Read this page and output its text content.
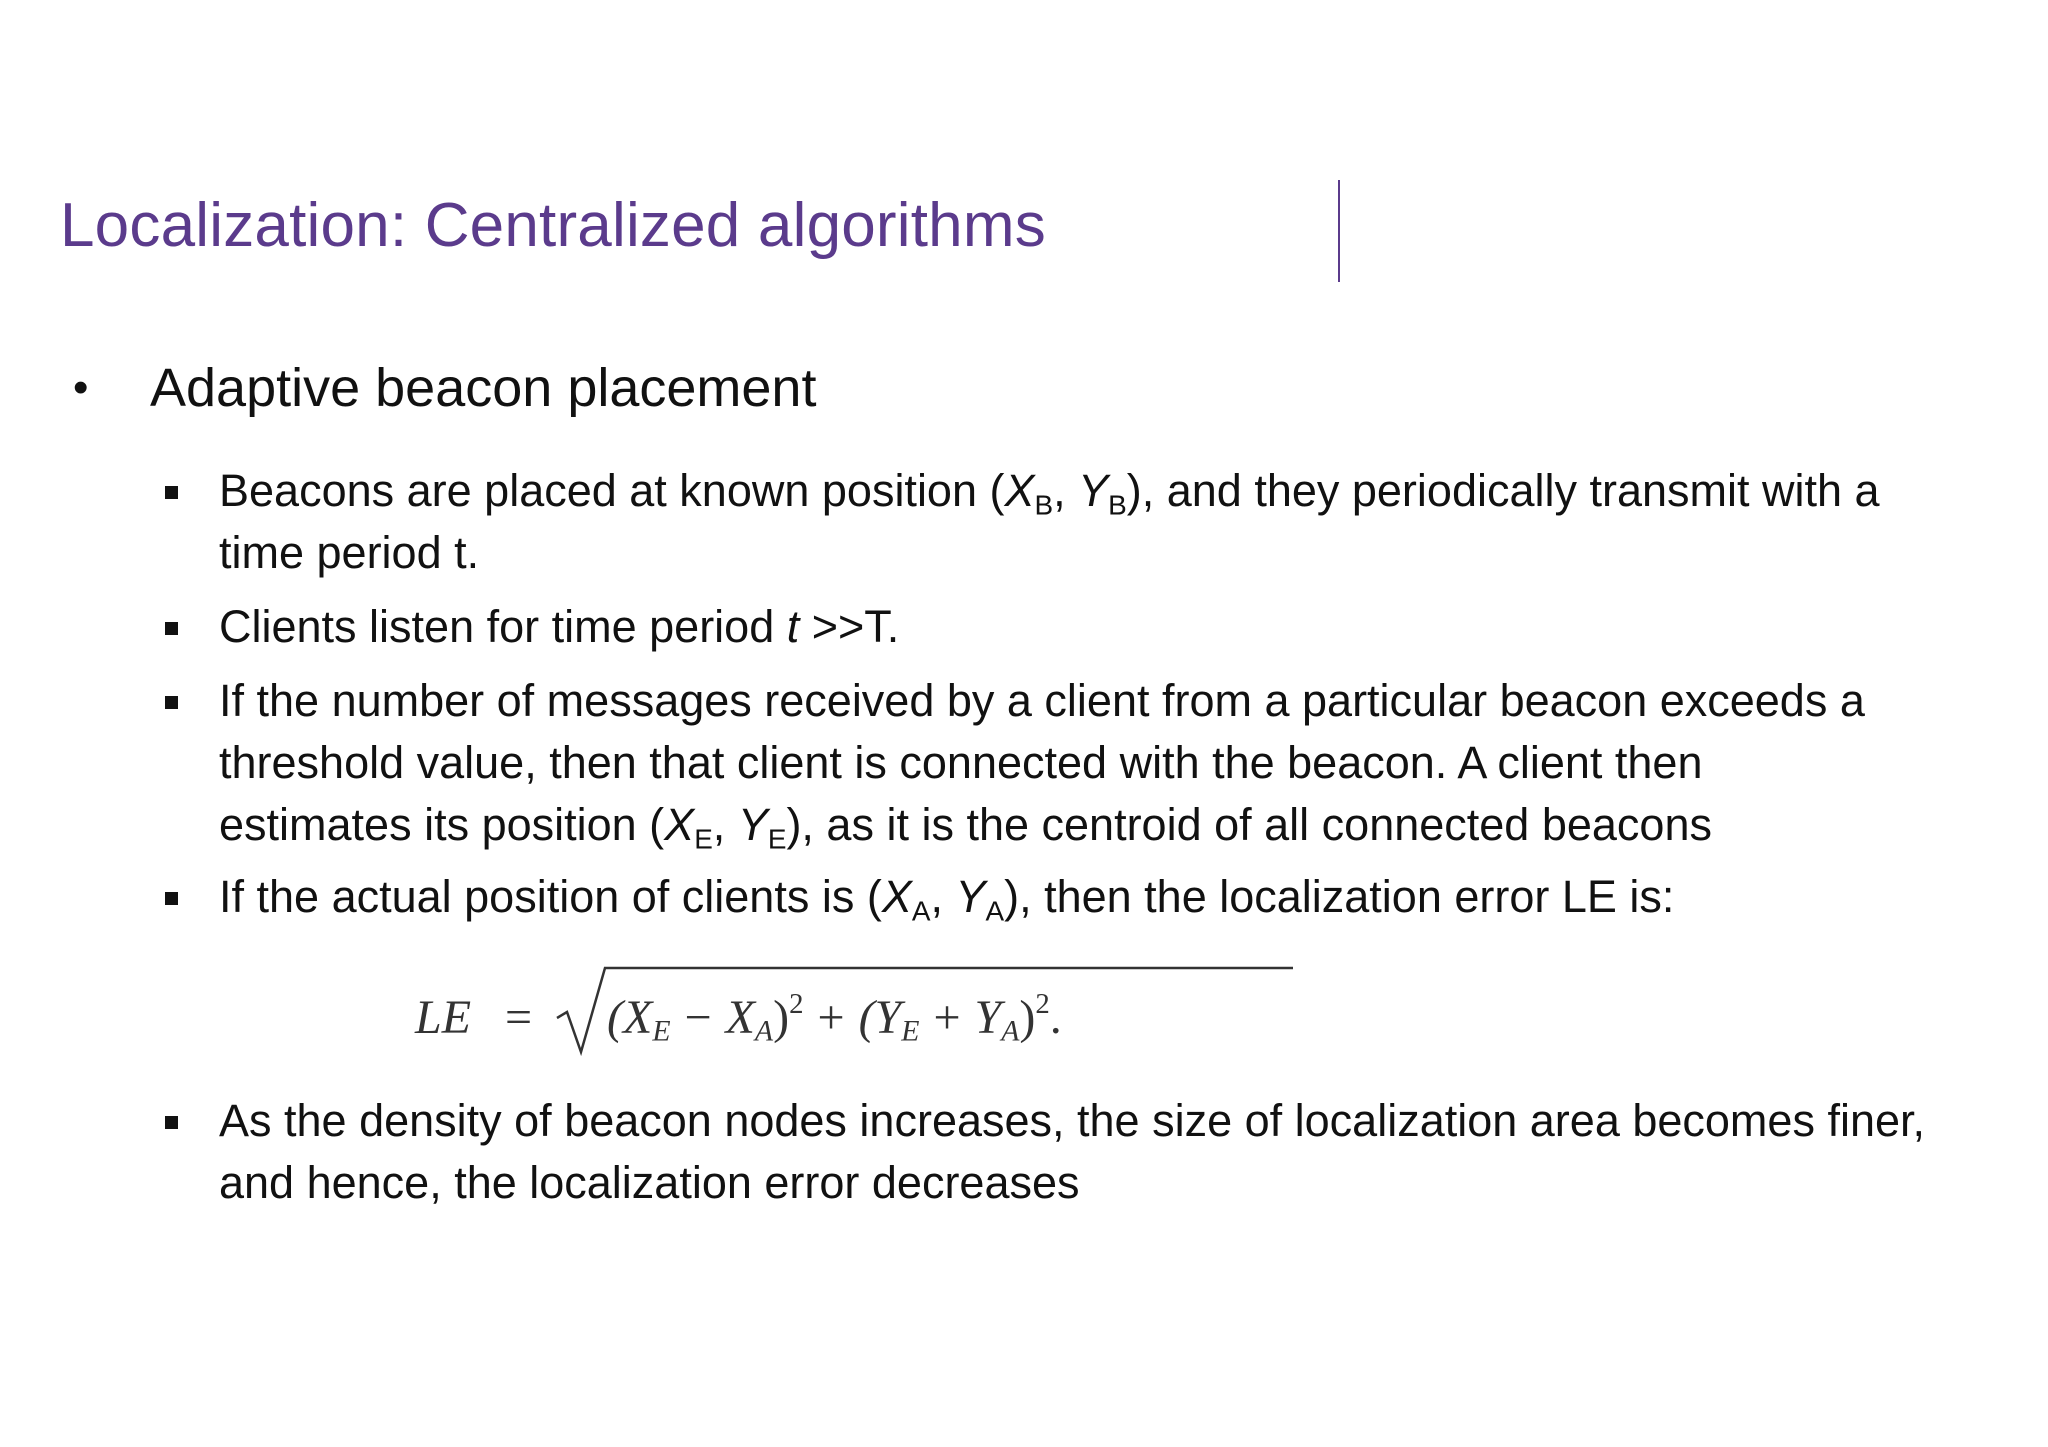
Localization: Centralized algorithms
• Adaptive beacon placement
Beacons are placed at known position ($X_B$, $Y_B$), and they periodically transmit with a
time period t.
Clients listen for time period t >>T.
If the number of messages received by a client from a particular beacon exceeds a
threshold value, then that client is connected with the beacon. A client then
estimates its position ($X_E$, $Y_E$), as it is the centroid of all connected beacons
If the actual position of clients is ($X_A$, $Y_A$), then the localization error LE is:
LE = $(X_E - X_A)^2 + (Y_E + Y_A)^2$.
As the density of beacon nodes increases, the size of localization area becomes finer,
and hence, the localization error decreases
